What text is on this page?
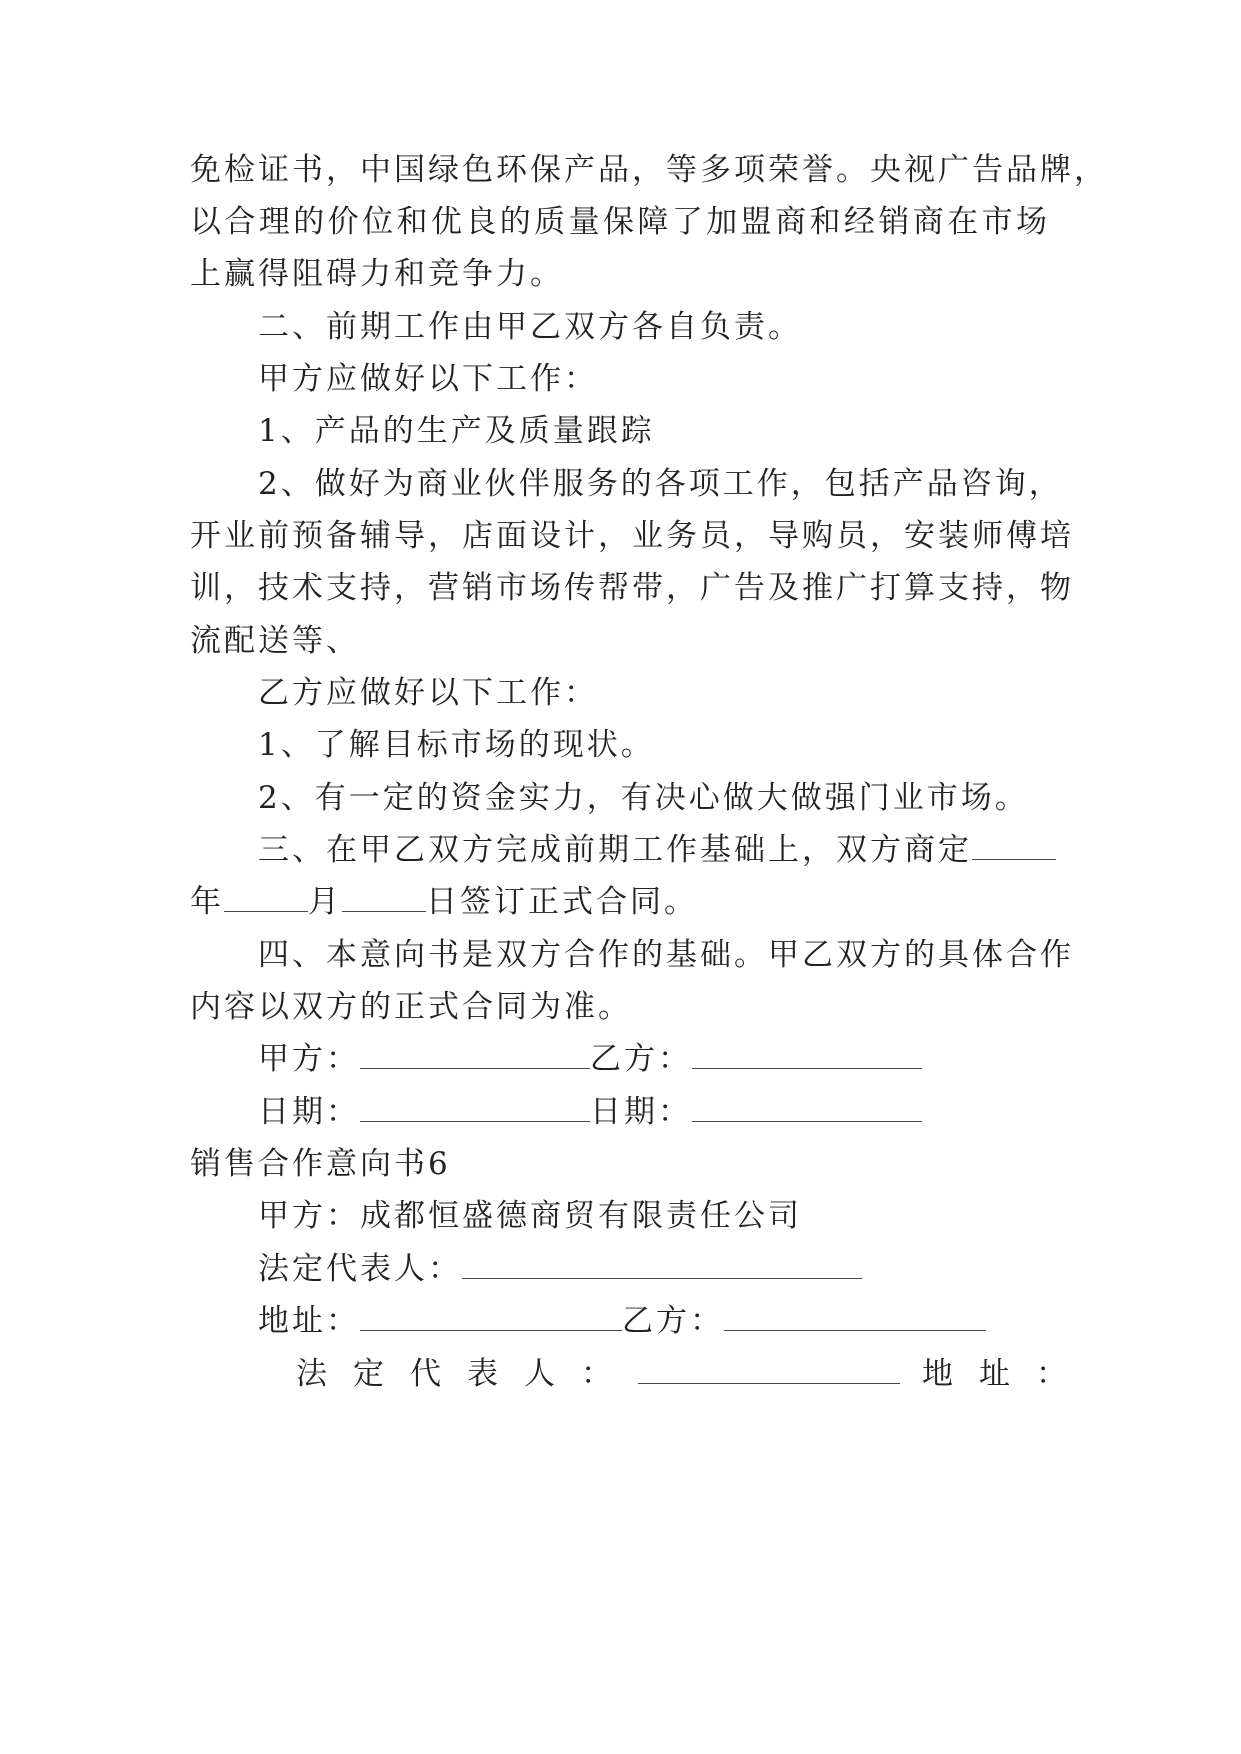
免检证书，中国绿色环保产品，等多项荣誉。央视广告品牌，
以合理的价位和优良的质量保障了加盟商和经销商在市场
上赢得阻碍力和竞争力。
二、前期工作由甲乙双方各自负责。
甲方应做好以下工作：
1、产品的生产及质量跟踪
2、做好为商业伙伴服务的各项工作，包括产品咨询，
开业前预备辅导，店面设计，业务员，导购员，安装师傅培
训，技术支持，营销市场传帮带，广告及推广打算支持，物
流配送等、
乙方应做好以下工作：
1、了解目标市场的现状。
2、有一定的资金实力，有决心做大做强门业市场。
三、在甲乙双方完成前期工作基础上，双方商定
年	月	日签订正式合同。
四、本意向书是双方合作的基础。甲乙双方的具体合作
内容以双方的正式合同为准。
甲方：	乙方：
日期：	日期：
销售合作意向书6
甲方：成都恒盛德商贸有限责任公司
法定代表人：
地址：	乙方：
法定代表人：	地址：
